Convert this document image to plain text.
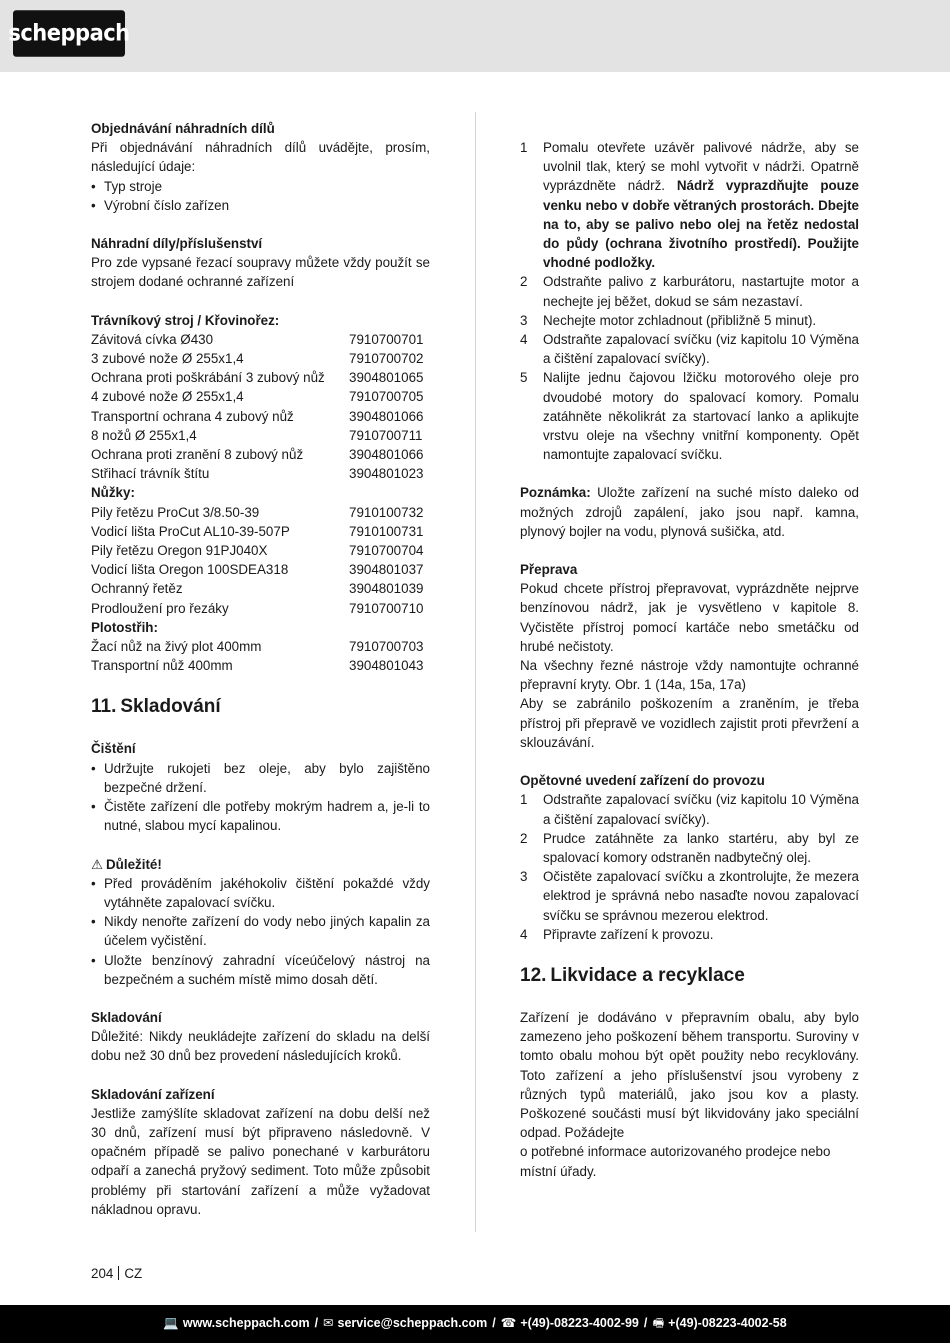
scheppach

Objednávání náhradních dílů

Při objednávání náhradních dílů uvádějte, prosím, následující údaje:

• Typ stroje
• Výrobní číslo zařízen

Náhradní díly/příslušenství

Pro zde vypsané řezací soupravy můžete vždy použít se strojem dodané ochranné zařízení

Trávníkový stroj / Křovinořez:
Závitová cívka Ø430	7910700701
3 zubové nože Ø 255x1,4	7910700702
Ochrana proti poškrábání 3 zubový nůž 3904801065
4 zubové nože Ø 255x1,4	7910700705
Transportní ochrana 4 zubový nůž	3904801066
8 nožů Ø 255x1,4	7910700711
Ochrana proti zranění 8 zubový nůž	3904801066
Střihací trávník štítu	3904801023
Nůžky:
Pily řetězu ProCut 3/8.50-39	7910100732
Vodicí lišta ProCut AL10-39-507P	7910100731
Pily řetězu Oregon 91PJ040X	7910700704
Vodicí lišta Oregon 100SDEA318	3904801037
Ochranný řetěz	3904801039
Prodloužení pro řezáky	7910700710
Plotostřih:
Žací nůž na živý plot 400mm	7910700703
Transportní nůž 400mm	3904801043
11. Skladování

Čištění

• Udržujte rukojeti bez oleje, aby bylo zajištěno bezpečné držení.
• Čistěte zařízení dle potřeby mokrým hadrem a, je-li to nutné, slabou mycí kapalinou.

⚠ Důležité!

• Před prováděním jakéhokoliv čištění pokaždé vždy vytáhněte zapalovací svíčku.
• Nikdy nenořte zařízení do vody nebo jiných kapalin za účelem vyčistění.
• Uložte benzínový zahradní víceúčelový nástroj na bezpečném a suchém místě mimo dosah dětí.

Skladování

Důležité: Nikdy neukládejte zařízení do skladu na delší dobu než 30 dnů bez provedení následujících kroků.

Skladování zařízení

Jestliže zamýšlíte skladovat zařízení na dobu delší než 30 dnů, zařízení musí být připraveno následovně. V opačném případě se palivo ponechané v karburátoru odpaří a zanechá pryžový sediment. Toto může způsobit problémy při startování zařízení a může vyžadovat nákladnou opravu.

1 Pomalu otevřete uzávěr palivové nádrže, aby se uvolnil tlak, který se mohl vytvořit v nádrži. Opatrně vyprázdněte nádrž. Nádrž vyprazdňujte pouze venku nebo v dobře větraných prostorách. Dbejte na to, aby se palivo nebo olej na řetěz nedostal do půdy (ochrana životního prostředí). Použijte vhodné podložky.
2 Odstraňte palivo z karburátoru, nastartujte motor a nechejte jej běžet, dokud se sám nezastaví.
3 Nechejte motor zchladnout (přibližně 5 minut).
4 Odstraňte zapalovací svíčku (viz kapitolu 10 Výměna a čištění zapalovací svíčky).
5 Nalijte jednu čajovou lžičku motorového oleje pro dvoudobé motory do spalovací komory. Pomalu zatáhněte několikrát za startovací lanko a aplikujte vrstvu oleje na všechny vnitřní komponenty. Opět namontujte zapalovací svíčku.

Poznámka: Uložte zařízení na suché místo daleko od možných zdrojů zapálení, jako jsou např. kamna, plynový bojler na vodu, plynová sušička, atd.

Přeprava

Pokud chcete přístroj přepravovat, vyprázdněte nejprve benzínovou nádrž, jak je vysvětleno v kapitole 8. Vyčistěte přístroj pomocí kartáče nebo smetáčku od hrubé nečistoty.

Na všechny řezné nástroje vždy namontujte ochranné přepravní kryty. Obr. 1 (14a, 15a, 17a)

Aby se zabránilo poškozením a zraněním, je třeba přístroj při přepravě ve vozidlech zajistit proti převržení a sklouzávání.

Opětovné uvedení zařízení do provozu

1 Odstraňte zapalovací svíčku (viz kapitolu 10 Výměna a čištění zapalovací svíčky).
2 Prudce zatáhněte za lanko startéru, aby byl ze spalovací komory odstraněn nadbytečný olej.
3 Očistěte zapalovací svíčku a zkontrolujte, že mezera elektrod je správná nebo nasaďte novou zapalovací svíčku se správnou mezerou elektrod.
4 Připravte zařízení k provozu.
12. Likvidace a recyklace

Zařízení je dodáváno v přepravním obalu, aby bylo zamezeno jeho poškození během transportu. Suroviny v tomto obalu mohou být opět použity nebo recyklovány. Toto zařízení a jeho příslušenství jsou vyrobeny z různých typů materiálů, jako jsou kov a plasty. Poškozené součásti musí být likvidovány jako speciální odpad. Požádejte

o potřebné informace autorizovaného prodejce nebo místní úřady.

204 CZ
💻 www.scheppach.com / ✉ service@scheppach.com / ☎ +(49)-08223-4002-99 / 🖷 +(49)-08223-4002-58
